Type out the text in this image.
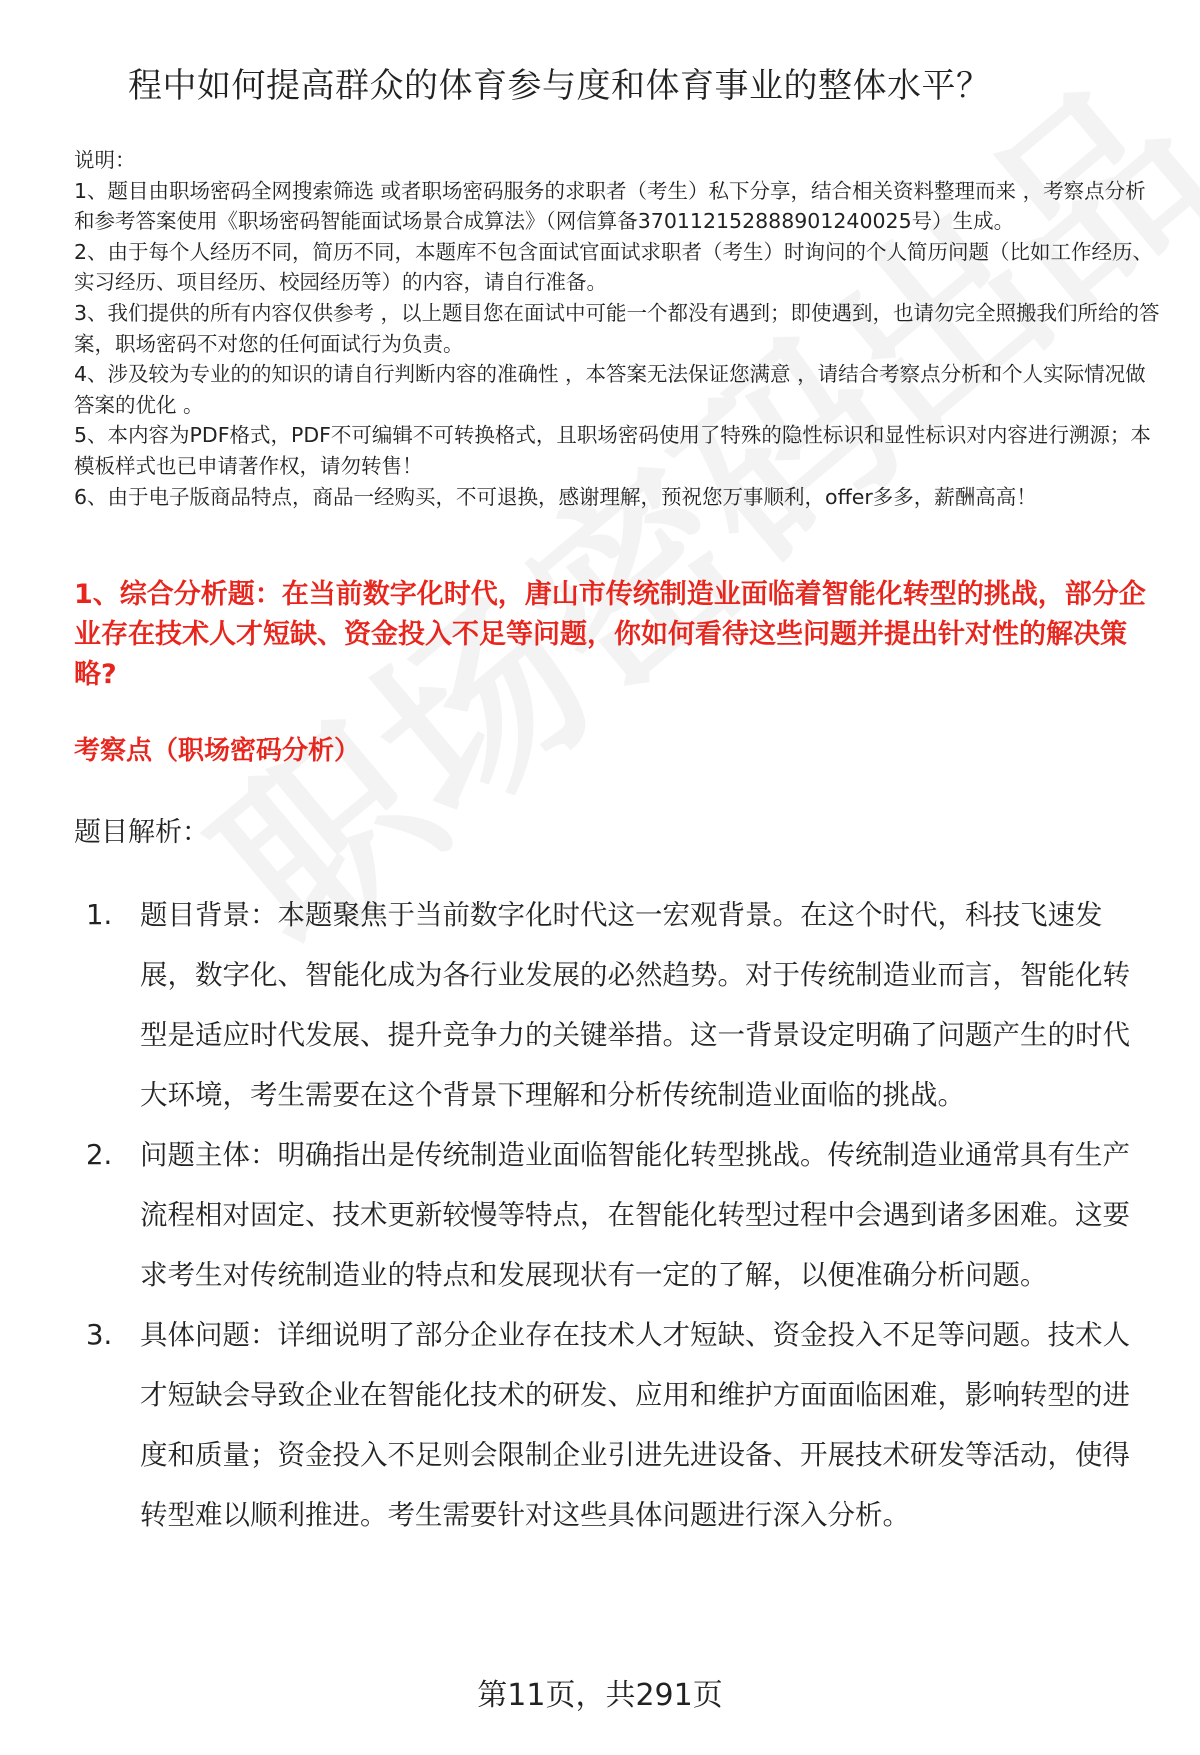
程中如何提高群众的体育参与度和体育事业的整体水平？

说明：

1、题目由职场密码全网搜索筛选 或者职场密码服务的求职者（考生）私下分享，结合相关资料整理而来 ，考察点分析和参考答案使用《职场密码智能面试场景合成算法》（网信算备370112152888901240025号）生成。

2、由于每个人经历不同，简历不同，本题库不包含面试官面试求职者（考生）时询问的个人简历问题（比如工作经历、实习经历、项目经历、校园经历等）的内容，请自行准备。

3、我们提供的所有内容仅供参考 ，以上题目您在面试中可能一个都没有遇到；即使遇到，也请勿完全照搬我们所给的答案，职场密码不对您的任何面试行为负责。

4、涉及较为专业的的知识的请自行判断内容的准确性 ，本答案无法保证您满意 ，请结合考察点分析和个人实际情况做答案的优化 。

5、本内容为PDF格式，PDF不可编辑不可转换格式，且职场密码使用了特殊的隐性标识和显性标识对内容进行溯源；本模板样式也已申请著作权，请勿转售！

6、由于电子版商品特点，商品一经购买，不可退换，感谢理解，预祝您万事顺利，offer多多，薪酬高高！

1、综合分析题：在当前数字化时代，唐山市传统制造业面临着智能化转型的挑战，部分企业存在技术人才短缺、资金投入不足等问题，你如何看待这些问题并提出针对性的解决策略?
考察点（职场密码分析）
题目解析：
1.	题目背景：本题聚焦于当前数字化时代这一宏观背景。在这个时代，科技飞速发展，数字化、智能化成为各行业发展的必然趋势。对于传统制造业而言，智能化转型是适应时代发展、提升竞争力的关键举措。这一背景设定明确了问题产生的时代大环境，考生需要在这个背景下理解和分析传统制造业面临的挑战。
2.	问题主体：明确指出是传统制造业面临智能化转型挑战。传统制造业通常具有生产流程相对固定、技术更新较慢等特点，在智能化转型过程中会遇到诸多困难。这要求考生对传统制造业的特点和发展现状有一定的了解，以便准确分析问题。
3.	具体问题：详细说明了部分企业存在技术人才短缺、资金投入不足等问题。技术人才短缺会导致企业在智能化技术的研发、应用和维护方面面临困难，影响转型的进度和质量；资金投入不足则会限制企业引进先进设备、开展技术研发等活动，使得转型难以顺利推进。考生需要针对这些具体问题进行深入分析。
第11页，共291页
